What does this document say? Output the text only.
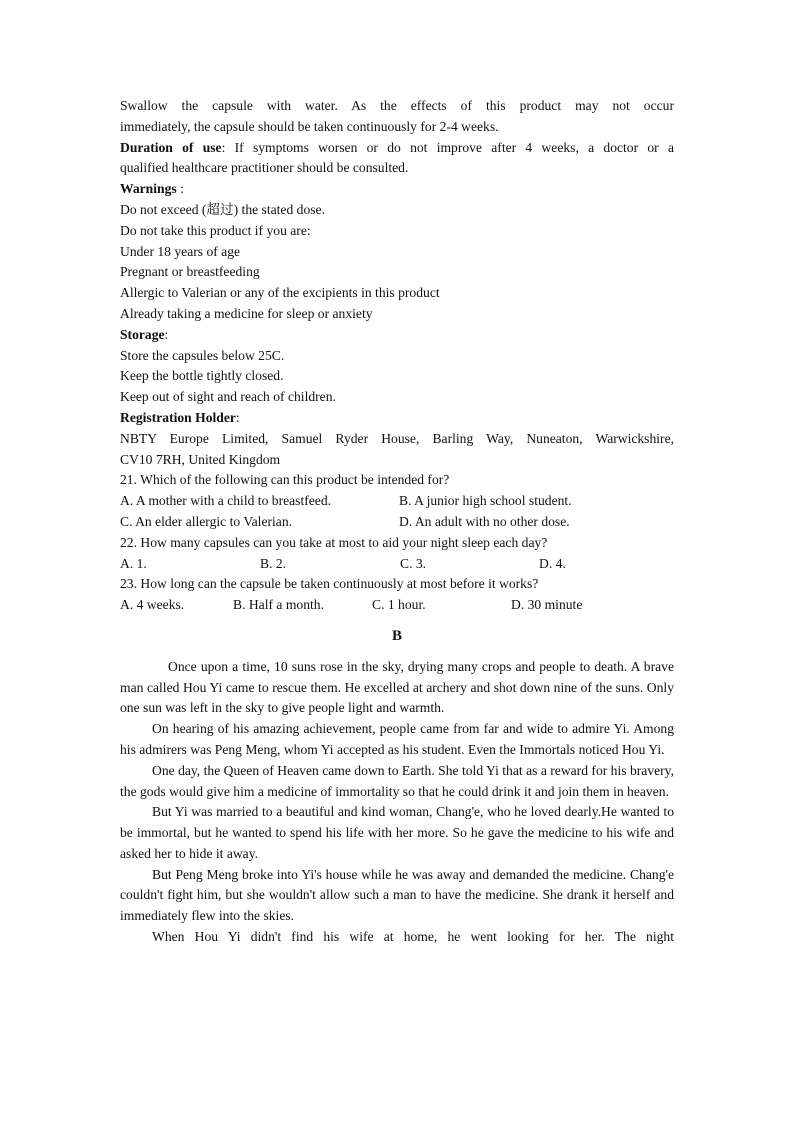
Swallow the capsule with water. As the effects of this product may not occur
immediately, the capsule should be taken continuously for 2-4 weeks.
Duration of use: If symptoms worsen or do not improve after 4 weeks, a doctor or a
qualified healthcare practitioner should be consulted.
Warnings :
Do not exceed (超过) the stated dose.
Do not take this product if you are:
Under 18 years of age
Pregnant or breastfeeding
Allergic to Valerian or any of the excipients in this product
Already taking a medicine for sleep or anxiety
Storage:
Store the capsules below 25C.
Keep the bottle tightly closed.
Keep out of sight and reach of children.
Registration Holder:
NBTY Europe Limited, Samuel Ryder House, Barling Way, Nuneaton, Warwickshire,
CV10 7RH, United Kingdom
21. Which of the following can this product be intended for?
A. A mother with a child to breastfeed.	B. A junior high school student.
C. An elder allergic to Valerian.	D. An adult with no other dose.
22. How many capsules can you take at most to aid your night sleep each day?
A. 1.	B. 2.	C. 3.	D. 4.
23. How long can the capsule be taken continuously at most before it works?
A. 4 weeks.	B. Half a month.	C. 1 hour.	D. 30 minute
B

Once upon a time, 10 suns rose in the sky, drying many crops and people to death. A brave man called Hou Yi came to rescue them. He excelled at archery and shot down nine of the suns. Only one sun was left in the sky to give people light and warmth.

On hearing of his amazing achievement, people came from far and wide to admire Yi. Among his admirers was Peng Meng, whom Yi accepted as his student. Even the Immortals noticed Hou Yi.

One day, the Queen of Heaven came down to Earth. She told Yi that as a reward for his bravery, the gods would give him a medicine of immortality so that he could drink it and join them in heaven.

But Yi was married to a beautiful and kind woman, Chang'e, who he loved dearly.He wanted to be immortal, but he wanted to spend his life with her more. So he gave the medicine to his wife and asked her to hide it away.

But Peng Meng broke into Yi's house while he was away and demanded the medicine. Chang'e couldn't fight him, but she wouldn't allow such a man to have the medicine. She drank it herself and immediately flew into the skies.

When Hou Yi didn't find his wife at home, he went looking for her. The night
